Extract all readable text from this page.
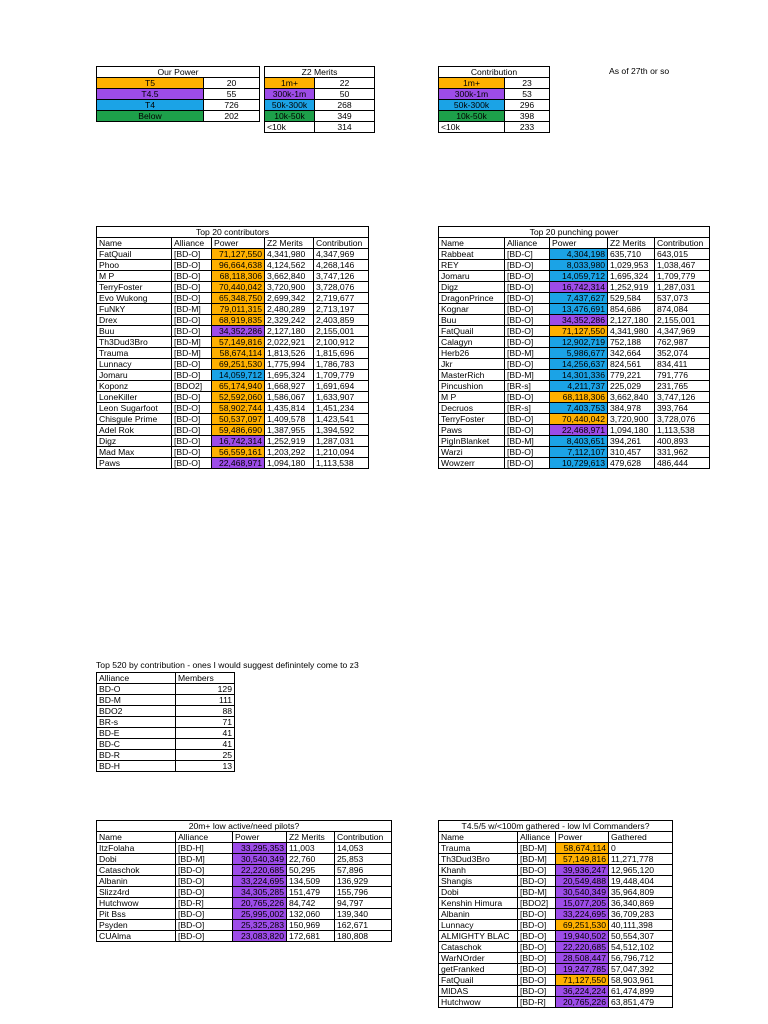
Our Power	
T5	20
T4.5	55
T4	726
Below	202
Z2 Merits	
1m+	22
300k-1m	50
50k-300k	268
10k-50k	349
<10k	314
Contribution	
1m+	23
300k-1m	53
50k-300k	296
10k-50k	398
<10k	233
As of 27th or so
Top 20 contributors				
Name	Alliance	Power	Z2 Merits	Contribution
FatQuail	[BD-O]	71,127,550	4,341,980	4,347,969
Phoo	[BD-O]	96,664,638	4,124,562	4,268,146
M P	[BD-O]	68,118,306	3,662,840	3,747,126
TerryFoster	[BD-O]	70,440,042	3,720,900	3,728,076
Evo Wukong	[BD-O]	65,348,750	2,699,342	2,719,677
FuNkY	[BD-M]	79,011,315	2,480,289	2,713,197
Drex	[BD-O]	68,919,835	2,329,242	2,403,859
Buu	[BD-O]	34,352,286	2,127,180	2,155,001
Th3Dud3Bro	[BD-M]	57,149,816	2,022,921	2,100,912
Trauma	[BD-M]	58,674,114	1,813,526	1,815,696
Lunnacy	[BD-O]	69,251,530	1,775,994	1,786,783
Jomaru	[BD-O]	14,059,712	1,695,324	1,709,779
Koponz	[BDO2]	65,174,940	1,668,927	1,691,694
LoneKiller	[BD-O]	52,592,060	1,586,067	1,633,907
Leon Sugarfoot	[BD-O]	58,902,744	1,435,814	1,451,234
Chisgule Prime	[BD-O]	50,537,097	1,409,578	1,423,541
Adel Rok	[BD-O]	59,486,690	1,387,955	1,394,592
Digz	[BD-O]	16,742,314	1,252,919	1,287,031
Mad Max	[BD-O]	56,559,161	1,203,292	1,210,094
Paws	[BD-O]	22,468,971	1,094,180	1,113,538
Top 20 punching power				
Name	Alliance	Power	Z2 Merits	Contribution
Rabbeat	[BD-C]	4,304,198	635,710	643,015
REY	[BD-O]	8,033,980	1,029,953	1,038,467
Jomaru	[BD-O]	14,059,712	1,695,324	1,709,779
Digz	[BD-O]	16,742,314	1,252,919	1,287,031
DragonPrince	[BD-O]	7,437,627	529,584	537,073
Kognar	[BD-O]	13,476,691	854,686	874,084
Buu	[BD-O]	34,352,286	2,127,180	2,155,001
FatQuail	[BD-O]	71,127,550	4,341,980	4,347,969
Calagyn	[BD-O]	12,902,719	752,188	762,987
Herb26	[BD-M]	5,986,677	342,664	352,074
Jkr	[BD-O]	14,256,637	824,561	834,411
MasterRich	[BD-M]	14,301,336	779,221	791,776
Pincushion	[BR-s]	4,211,737	225,029	231,765
M P	[BD-O]	68,118,306	3,662,840	3,747,126
Decruos	[BR-s]	7,403,753	384,978	393,764
TerryFoster	[BD-O]	70,440,042	3,720,900	3,728,076
Paws	[BD-O]	22,468,971	1,094,180	1,113,538
PigInBlanket	[BD-M]	8,403,651	394,261	400,893
Warzi	[BD-O]	7,112,107	310,457	331,962
Wowzerr	[BD-O]	10,729,613	479,628	486,444
Top 520 by contribution - ones I would suggest definintely come to z3
Alliance	Members
BD-O	129
BD-M	111
BDO2	88
BR-s	71
BD-E	41
BD-C	41
BD-R	25
BD-H	13
20m+ low active/need pilots?				
Name	Alliance	Power	Z2 Merits	Contribution
ItzFolaha	[BD-H]	33,295,353	11,003	14,053
Dobi	[BD-M]	30,540,349	22,760	25,853
Cataschok	[BD-O]	22,220,685	50,295	57,896
Albanin	[BD-O]	33,224,695	134,509	136,929
Slizz4rd	[BD-O]	34,305,285	151,479	155,796
Hutchwow	[BD-R]	20,765,226	84,742	94,797
Pit Bss	[BD-O]	25,995,002	132,060	139,340
Psyden	[BD-O]	25,325,283	150,969	162,671
CUAlma	[BD-O]	23,083,820	172,681	180,808
T4.5/5 w/<100m gathered - low lvl Commanders?			
Name	Alliance	Power	Gathered
Trauma	[BD-M]	58,674,114	0
Th3Dud3Bro	[BD-M]	57,149,816	11,271,778
Khanh	[BD-O]	39,936,247	12,965,120
Shangis	[BD-O]	20,549,488	19,448,404
Dobi	[BD-M]	30,540,349	35,964,809
Kenshin Himura	[BDO2]	15,077,205	36,340,869
Albanin	[BD-O]	33,224,695	36,709,283
Lunnacy	[BD-O]	69,251,530	40,111,398
ALMIGHTY BLAC	[BD-O]	19,940,502	50,554,307
Cataschok	[BD-O]	22,220,685	54,512,102
WarNOrder	[BD-O]	28,508,447	56,796,712
getFranked	[BD-O]	19,247,785	57,047,392
FatQuail	[BD-O]	71,127,550	58,903,961
MIDAS	[BD-O]	36,224,224	61,474,899
Hutchwow	[BD-R]	20,765,226	63,851,479
